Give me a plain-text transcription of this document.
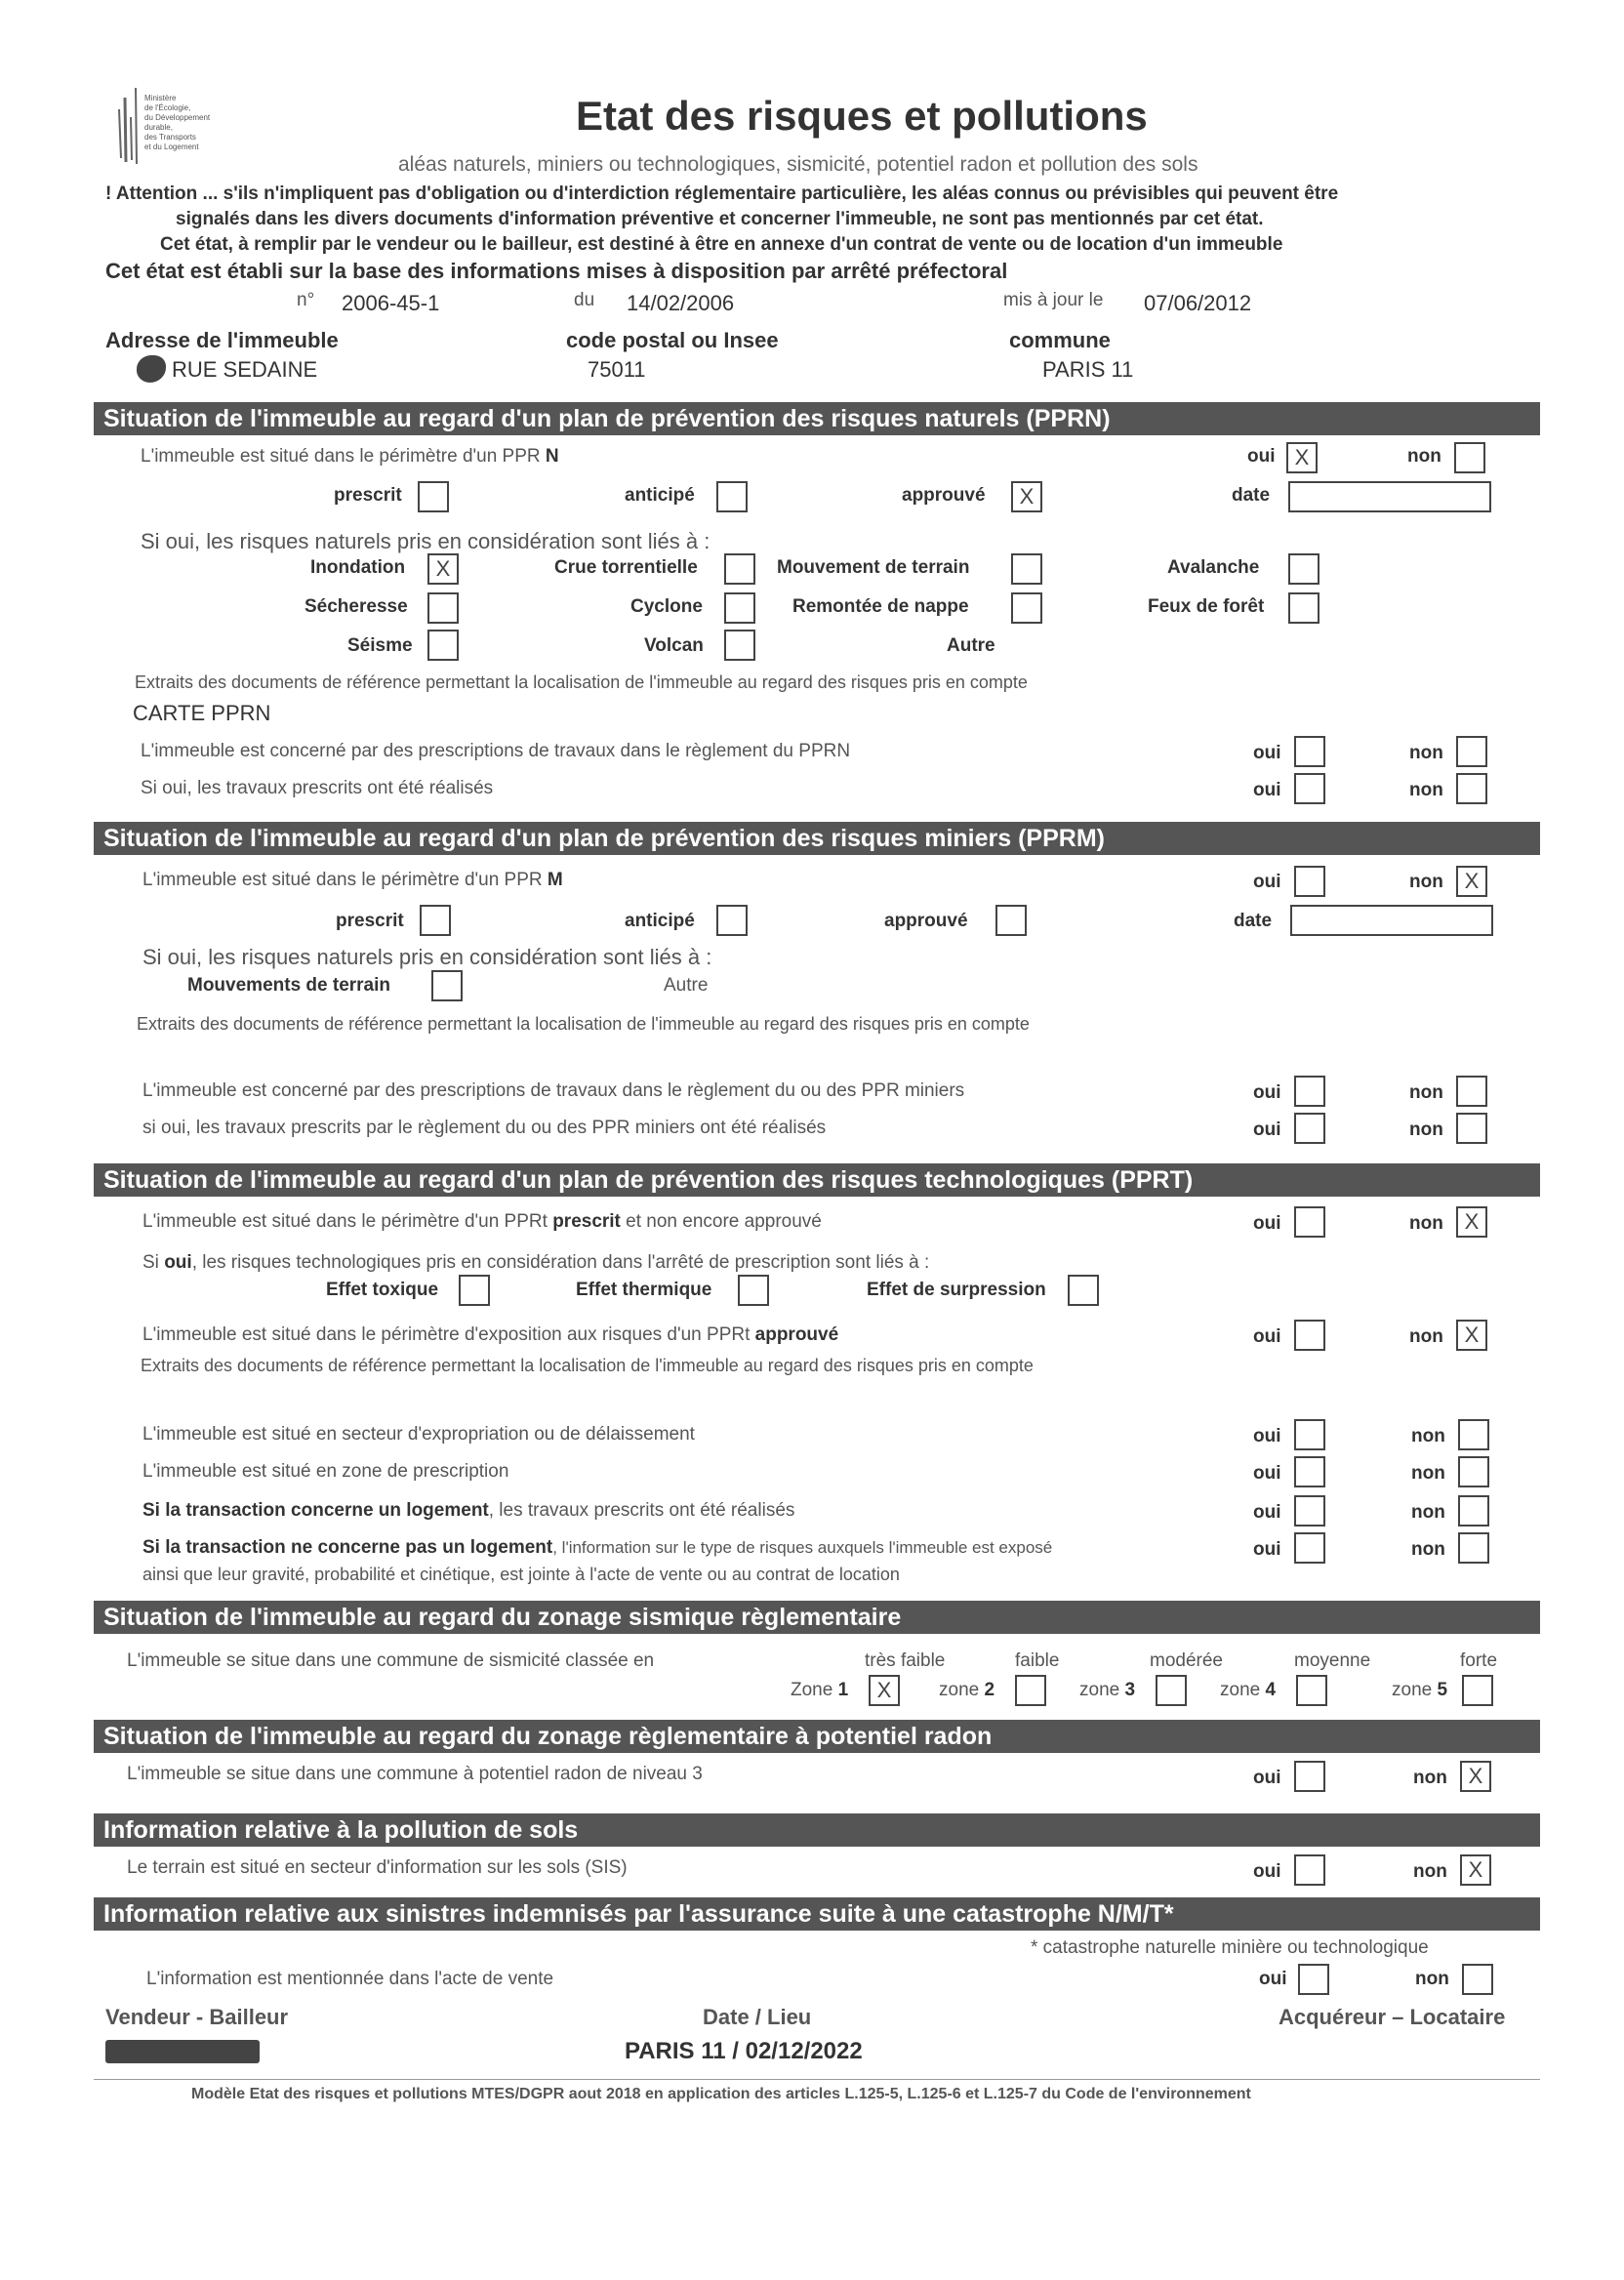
Ministère
de l'Écologie,
du Développement
durable,
des Transports
et du Logement
Etat des risques et pollutions
aléas naturels, miniers ou technologiques, sismicité, potentiel radon et pollution des sols
! Attention ... s'ils n'impliquent pas d'obligation ou d'interdiction réglementaire particulière, les aléas connus ou prévisibles qui peuvent être
signalés dans les divers documents d'information préventive et concerner l'immeuble, ne sont pas mentionnés par cet état.
Cet état, à remplir par le vendeur ou le bailleur, est destiné à être en annexe d'un contrat de vente ou de location d'un immeuble
Cet état est établi sur la base des informations mises à disposition par arrêté préfectoral
n° 2006-45-1	du 14/02/2006	mis à jour le 07/06/2012
Adresse de l'immeuble	code postal ou Insee	commune
RUE SEDAINE	75011	PARIS 11
Situation de l'immeuble au regard d'un plan de prévention des risques naturels (PPRN)
L'immeuble est situé dans le périmètre d'un PPR N	oui X	non
prescrit	anticipé	approuvé	X	date
Si oui, les risques naturels pris en considération sont liés à :
Inondation	X	Crue torrentielle	Mouvement de terrain	Avalanche
Sécheresse	Cyclone	Remontée de nappe	Feux de forêt
Séisme	Volcan	Autre
Extraits des documents de référence permettant la localisation de l'immeuble au regard des risques pris en compte
CARTE PPRN
L'immeuble est concerné par des prescriptions de travaux dans le règlement du PPRN	oui	non
Si oui, les travaux prescrits ont été réalisés	oui	non
Situation de l'immeuble au regard d'un plan de prévention des risques miniers (PPRM)
L'immeuble est situé dans le périmètre d'un PPR M	oui	non X
prescrit	anticipé	approuvé	date
Si oui, les risques naturels pris en considération sont liés à :
Mouvements de terrain	Autre
Extraits des documents de référence permettant la localisation de l'immeuble au regard des risques pris en compte
L'immeuble est concerné par des prescriptions de travaux dans le règlement du ou des PPR miniers	oui	non
si oui, les travaux prescrits par le règlement du ou des PPR miniers ont été réalisés	oui	non
Situation de l'immeuble au regard d'un plan de prévention des risques technologiques (PPRT)
L'immeuble est situé dans le périmètre d'un PPRt prescrit et non encore approuvé	oui	non X
Si oui, les risques technologiques pris en considération dans l'arrêté de prescription sont liés à :
Effet toxique	Effet thermique	Effet de surpression
L'immeuble est situé dans le périmètre d'exposition aux risques d'un PPRt approuvé	oui	non X
Extraits des documents de référence permettant la localisation de l'immeuble au regard des risques pris en compte
L'immeuble est situé en secteur d'expropriation ou de délaissement	oui	non
L'immeuble est situé en zone de prescription	oui	non
Si la transaction concerne un logement, les travaux prescrits ont été réalisés	oui	non
Si la transaction ne concerne pas un logement, l'information sur le type de risques auxquels l'immeuble est exposé
ainsi que leur gravité, probabilité et cinétique, est jointe à l'acte de vente ou au contrat de location
oui	non
Situation de l'immeuble au regard du zonage sismique règlementaire
L'immeuble se situe dans une commune de sismicité classée en	très faible	faible	modérée	moyenne	forte
Zone 1	X	zone 2	zone 3	zone 4	zone 5
Situation de l'immeuble au regard du zonage règlementaire à potentiel radon
L'immeuble se situe dans une commune à potentiel radon de niveau 3	oui	non X
Information relative à la pollution de sols
Le terrain est situé en secteur d'information sur les sols (SIS)	oui	non X
Information relative aux sinistres indemnisés par l'assurance suite à une catastrophe N/M/T*
* catastrophe naturelle minière ou technologique
L'information est mentionnée dans l'acte de vente	oui	non
Vendeur - Bailleur	Date / Lieu	Acquéreur – Locataire
PARIS 11 / 02/12/2022
Modèle Etat des risques et pollutions MTES/DGPR aout 2018 en application des articles L.125-5, L.125-6 et L.125-7 du Code de l'environnement
